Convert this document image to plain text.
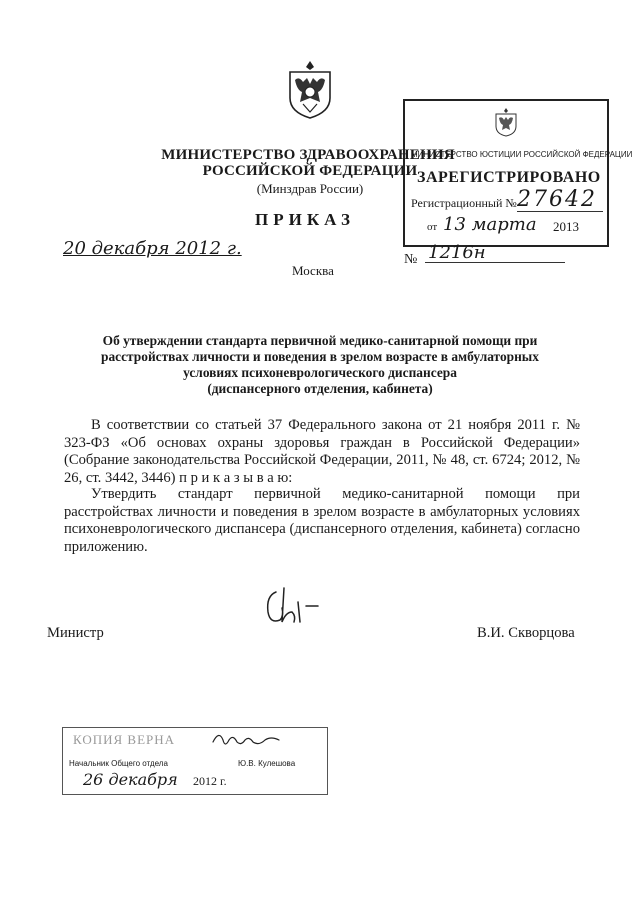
МИНИСТЕРСТВО ЗДРАВООХРАНЕНИЯ
РОССИЙСКОЙ ФЕДЕРАЦИИ
(Минздрав России)
ПРИКАЗ
МИНИСТЕРСТВО ЮСТИЦИИ РОССИЙСКОЙ ФЕДЕРАЦИИ
ЗАРЕГИСТРИРОВАНО
Регистрационный № 27642
от 13 марта 2013
20 декабря 2012 г.
Москва
№ 1216н
Об утверждении стандарта первичной медико-санитарной помощи при
расстройствах личности и поведения в зрелом возрасте в амбулаторных
условиях психоневрологического диспансера
(диспансерного отделения, кабинета)
В соответствии со статьей 37 Федерального закона от 21 ноября 2011 г. № 323-ФЗ «Об основах охраны здоровья граждан в Российской Федерации» (Собрание законодательства Российской Федерации, 2011, № 48, ст. 6724; 2012, № 26, ст. 3442, 3446) п р и к а з ы в а ю:
Утвердить стандарт первичной медико-санитарной помощи при расстройствах личности и поведения в зрелом возрасте в амбулаторных условиях психоневрологического диспансера (диспансерного отделения, кабинета) согласно приложению.
Министр	В.И. Скворцова
КОПИЯ ВЕРНА
Начальник Общего отдела	Ю.В. Кулешова
26 декабря 2012 г.
